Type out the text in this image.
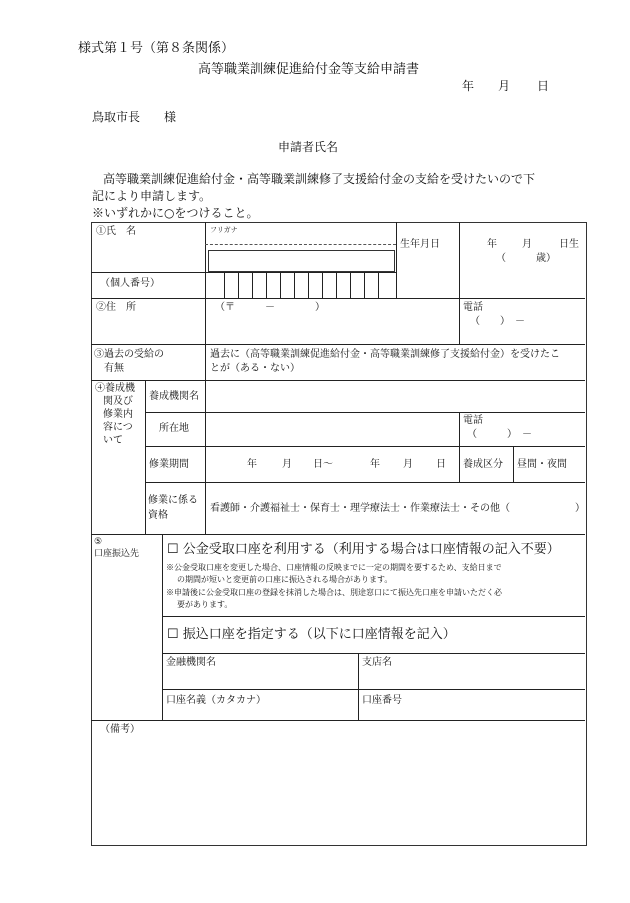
様式第１号（第８条関係）
高等職業訓練促進給付金等支給申請書
年 月 日
鳥取市長　　様
申請者氏名
高等職業訓練促進給付金・高等職業訓練修了支援給付金の支給を受けたいので下
記により申請します。
※いずれかに○をつけること。
①氏　名	フリガナ
生年月日	年	月	日生
（　　　歳）
（個人番号）
②住　所	（〒　　　－　　　　）	電話
（　　）　－
③過去の受給の
有無
過去に（高等職業訓練促進給付金・高等職業訓練修了支援給付金）を受けたこ
とが（ある・ない）
④養成機
関及び
修業内
容につ
いて
養成機関名
所在地
電話
（　　　）　－
修業期間	年	月 日～	年 月 日 養成区分 昼間・夜間
修業に係る
資格
看護師・介護福祉士・保育士・理学療法士・作業療法士・その他（	）
⑤
口座振込先 ☐ 公金受取口座を利用する（利用する場合は口座情報の記入不要）
※公金受取口座を変更した場合、口座情報の反映までに一定の期間を要するため、支給日まで
の期間が短いと変更前の口座に振込される場合があります。
※申請後に公金受取口座の登録を抹消した場合は、別途窓口にて振込先口座を申請いただく必
要があります。
☐ 振込口座を指定する（以下に口座情報を記入）
金融機関名	支店名
口座名義（カタカナ）	口座番号
（備考）
